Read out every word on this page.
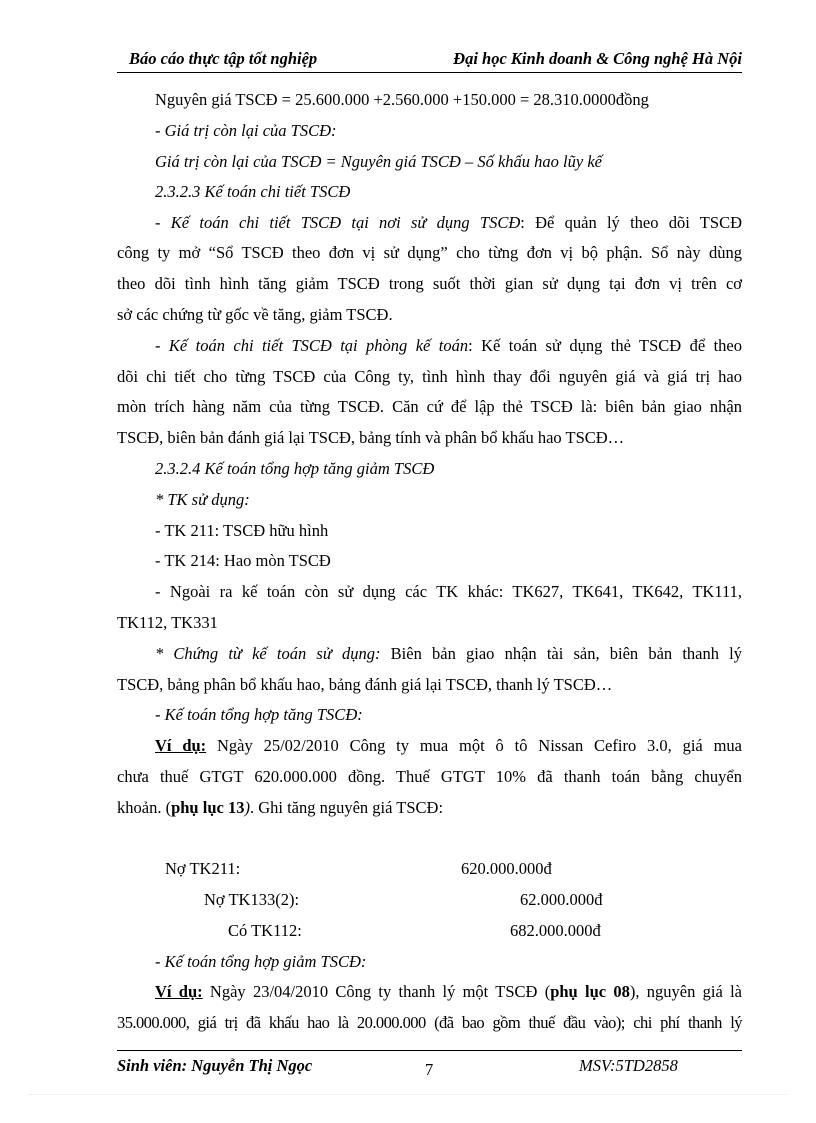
Báo cáo thực tập tốt nghiệp	Đại học Kinh doanh & Công nghệ Hà Nội
Nguyên giá TSCĐ = 25.600.000 +2.560.000 +150.000 = 28.310.0000đồng
- Giá trị còn lại của TSCĐ:
Giá trị còn lại của TSCĐ = Nguyên giá TSCĐ – Số khấu hao lũy kế
2.3.2.3 Kế toán chi tiết TSCĐ
- Kế toán chi tiết TSCĐ tại nơi sử dụng TSCĐ: Để quản lý theo dõi TSCĐ
công ty mở “Sổ TSCĐ theo đơn vị sử dụng” cho từng đơn vị bộ phận. Sổ này dùng
theo dõi tình hình tăng giảm TSCĐ trong suốt thời gian sử dụng tại đơn vị trên cơ
sở các chứng từ gốc về tăng, giảm TSCĐ.
- Kế toán chi tiết TSCĐ tại phòng kế toán: Kế toán sử dụng thẻ TSCĐ để theo
dõi chi tiết cho từng TSCĐ của Công ty, tình hình thay đổi nguyên giá và giá trị hao
mòn trích hàng năm của từng TSCĐ. Căn cứ để lập thẻ TSCĐ là: biên bản giao nhận
TSCĐ, biên bản đánh giá lại TSCĐ, bảng tính và phân bổ khấu hao TSCĐ…
2.3.2.4 Kế toán tổng hợp tăng giảm TSCĐ
* TK sử dụng:
- TK 211: TSCĐ hữu hình
- TK 214: Hao mòn TSCĐ
- Ngoài ra kế toán còn sử dụng các TK khác: TK627, TK641, TK642, TK111,
TK112, TK331
* Chứng từ kế toán sử dụng: Biên bản giao nhận tài sản, biên bản thanh lý
TSCĐ, bảng phân bổ khấu hao, bảng đánh giá lại TSCĐ, thanh lý TSCĐ…
- Kế toán tổng hợp tăng TSCĐ:
Ví dụ: Ngày 25/02/2010 Công ty mua một ô tô Nissan Cefiro 3.0, giá mua
chưa thuế GTGT 620.000.000 đồng. Thuế GTGT 10% đã thanh toán bằng chuyển
khoản. (phụ lục 13). Ghi tăng nguyên giá TSCĐ:
Nợ TK211:	620.000.000đ
Nợ TK133(2):	62.000.000đ
Có TK112:	682.000.000đ
- Kế toán tổng hợp giảm TSCĐ:
Ví dụ: Ngày 23/04/2010 Công ty thanh lý một TSCĐ (phụ lục 08), nguyên giá là
35.000.000, giá trị đã khấu hao là 20.000.000 (đã bao gồm thuế đầu vào); chi phí thanh lý
Sinh viên: Nguyễn Thị Ngọc	7	MSV:5TD2858
